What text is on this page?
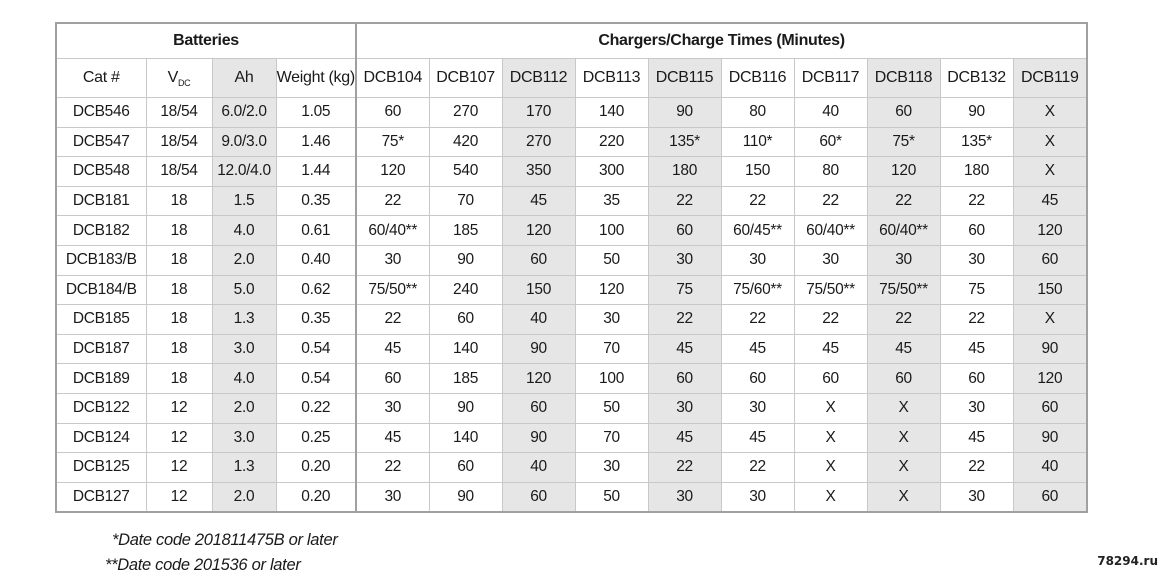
Batteries				Chargers/Charge Times (Minutes)									
Cat #	$V_{DC}$	Ah	Weight (kg)	DCB104	DCB107	DCB112	DCB113	DCB115	DCB116	DCB117	DCB118	DCB132	DCB119
DCB546	18/54	6.0/2.0	1.05	60	270	170	140	90	80	40	60	90	X
DCB547	18/54	9.0/3.0	1.46	75*	420	270	220	135*	110*	60*	75*	135*	X
DCB548	18/54	12.0/4.0	1.44	120	540	350	300	180	150	80	120	180	X
DCB181	18	1.5	0.35	22	70	45	35	22	22	22	22	22	45
DCB182	18	4.0	0.61	60/40**	185	120	100	60	60/45**	60/40**	60/40**	60	120
DCB183/B	18	2.0	0.40	30	90	60	50	30	30	30	30	30	60
DCB184/B	18	5.0	0.62	75/50**	240	150	120	75	75/60**	75/50**	75/50**	75	150
DCB185	18	1.3	0.35	22	60	40	30	22	22	22	22	22	X
DCB187	18	3.0	0.54	45	140	90	70	45	45	45	45	45	90
DCB189	18	4.0	0.54	60	185	120	100	60	60	60	60	60	120
DCB122	12	2.0	0.22	30	90	60	50	30	30	X	X	30	60
DCB124	12	3.0	0.25	45	140	90	70	45	45	X	X	45	90
DCB125	12	1.3	0.20	22	60	40	30	22	22	X	X	22	40
DCB127	12	2.0	0.20	30	90	60	50	30	30	X	X	30	60
*Date code 201811475B or later
**Date code 201536 or later	78294.ru
